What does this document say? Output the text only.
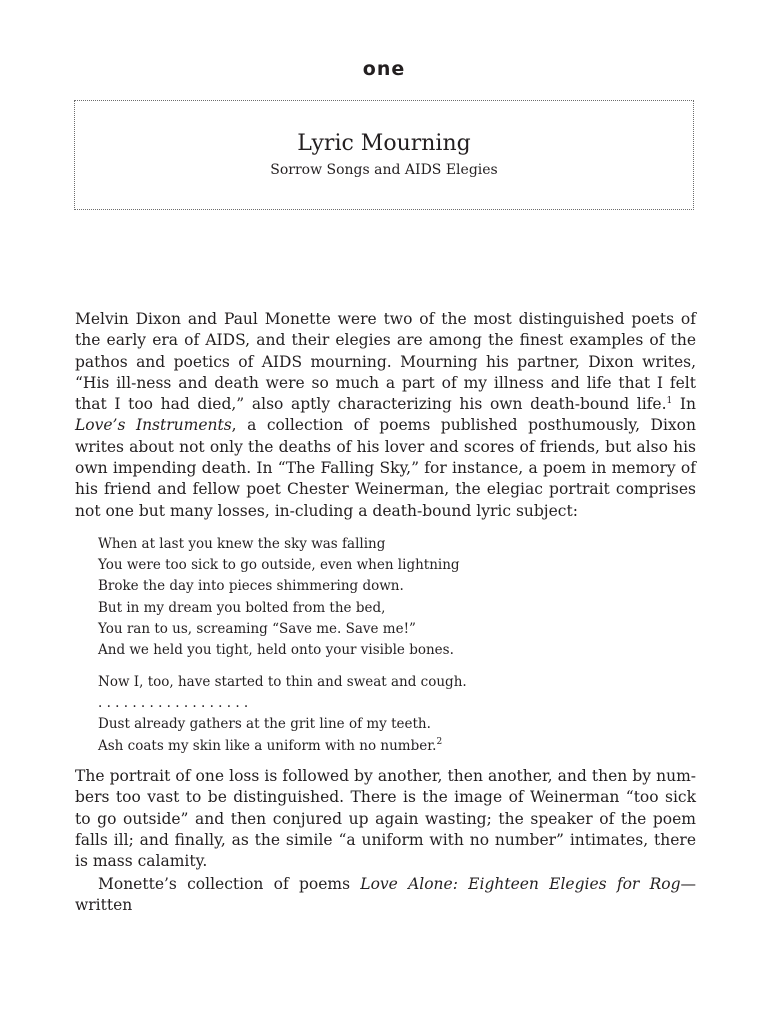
one
Lyric Mourning
Sorrow Songs and AIDS Elegies
Melvin Dixon and Paul Monette were two of the most distinguished poets of the early era of AIDS, and their elegies are among the finest examples of the pathos and poetics of AIDS mourning. Mourning his partner, Dixon writes, “His ill-ness and death were so much a part of my illness and life that I felt that I too had died,” also aptly characterizing his own death-bound life.$^1$ In Love’s Instruments, a collection of poems published posthumously, Dixon writes about not only the deaths of his lover and scores of friends, but also his own impending death. In “The Falling Sky,” for instance, a poem in memory of his friend and fellow poet Chester Weinerman, the elegiac portrait comprises not one but many losses, in-cluding a death-bound lyric subject:
When at last you knew the sky was falling
You were too sick to go outside, even when lightning
Broke the day into pieces shimmering down.
But in my dream you bolted from the bed,
You ran to us, screaming “Save me. Save me!”
And we held you tight, held onto your visible bones.
Now I, too, have started to thin and sweat and cough.
. . . . . . . . . . . . . . . . . .
Dust already gathers at the grit line of my teeth.
Ash coats my skin like a uniform with no number.$^2$
The portrait of one loss is followed by another, then another, and then by num-bers too vast to be distinguished. There is the image of Weinerman “too sick to go outside” and then conjured up again wasting; the speaker of the poem falls ill; and finally, as the simile “a uniform with no number” intimates, there is mass calamity.
Monette’s collection of poems Love Alone: Eighteen Elegies for Rog—written
